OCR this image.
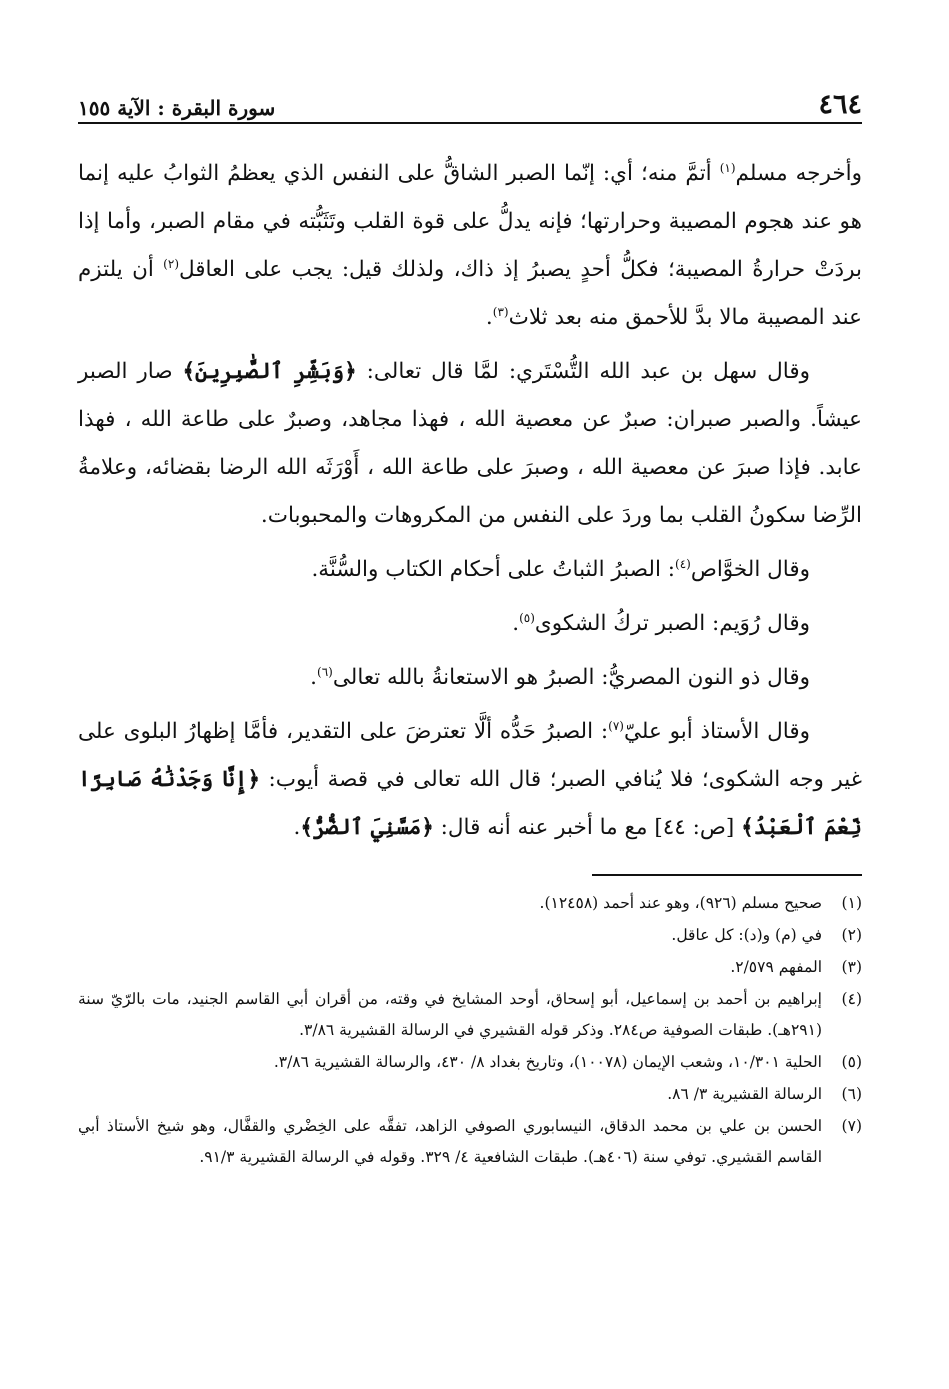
٤٦٤
سورة البقرة : الآية ١٥٥

وأخرجه مسلم$^{(١)}$ أتمَّ منه؛ أي: إنّما الصبر الشاقُّ على النفس الذي يعظمُ الثوابُ عليه إنما هو عند هجوم المصيبة وحرارتها؛ فإنه يدلُّ على قوة القلب وتَثَبُّته في مقام الصبر، وأما إذا بردَتْ حرارةُ المصيبة؛ فكلُّ أحدٍ يصبرُ إذ ذاك، ولذلك قيل: يجب على العاقل$^{(٢)}$ أن يلتزم عند المصيبة مالا بدَّ للأحمق منه بعد ثلاث$^{(٣)}$.

وقال سهل بن عبد الله التُّسْتَري: لمَّا قال تعالى: ﴿وَبَشِّرِ ٱلصَّٰبِرِينَ﴾ صار الصبر عيشاً. والصبر صبران: صبرٌ عن معصية الله ، فهذا مجاهد، وصبرٌ على طاعة الله ، فهذا عابد. فإذا صبرَ عن معصية الله ، وصبرَ على طاعة الله ، أَوْرَثَه الله الرضا بقضائه، وعلامةُ الرِّضا سكونُ القلب بما وردَ على النفس من المكروهات والمحبوبات.

وقال الخوَّاص$^{(٤)}$: الصبرُ الثباتُ على أحكام الكتاب والسُّنَّة.

وقال رُوَيم: الصبر تركُ الشكوى$^{(٥)}$.

وقال ذو النون المصريُّ: الصبرُ هو الاستعانةُ بالله تعالى$^{(٦)}$.

وقال الأستاذ أبو عليّ$^{(٧)}$: الصبرُ حَدُّه ألَّا تعترضَ على التقدير، فأمَّا إظهارُ البلوى على غير وجه الشكوى؛ فلا يُنافي الصبر؛ قال الله تعالى في قصة أيوب: ﴿إِنَّا وَجَدْنَٰهُ صَابِرًا نِّعْمَ ٱلْعَبْدُ﴾ [ص: ٤٤] مع ما أخبر عنه أنه قال: ﴿مَسَّنِيَ ٱلضُّرُّ﴾.

(١)
صحيح مسلم (٩٢٦)، وهو عند أحمد (١٢٤٥٨).
(٢)
في (م) و(د): كل عاقل.
(٣)
المفهم ٢/٥٧٩.
(٤)
إبراهيم بن أحمد بن إسماعيل، أبو إسحاق، أوحد المشايخ في وقته، من أقران أبي القاسم الجنيد، مات بالرّيّ سنة (٢٩١هـ). طبقات الصوفية ص٢٨٤. وذكر قوله القشيري في الرسالة القشيرية ٣/٨٦.
(٥)
الحلية ١٠/٣٠١، وشعب الإيمان (١٠٠٧٨)، وتاريخ بغداد ٨/ ٤٣٠، والرسالة القشيرية ٣/٨٦.
(٦)
الرسالة القشيرية ٣/ ٨٦.
(٧)
الحسن بن علي بن محمد الدقاق، النيسابوري الصوفي الزاهد، تفقَّه على الخِضْري والقفَّال، وهو شيخ الأستاذ أبي القاسم القشيري. توفي سنة (٤٠٦هـ). طبقات الشافعية ٤/ ٣٢٩. وقوله في الرسالة القشيرية ٩١/٣.
